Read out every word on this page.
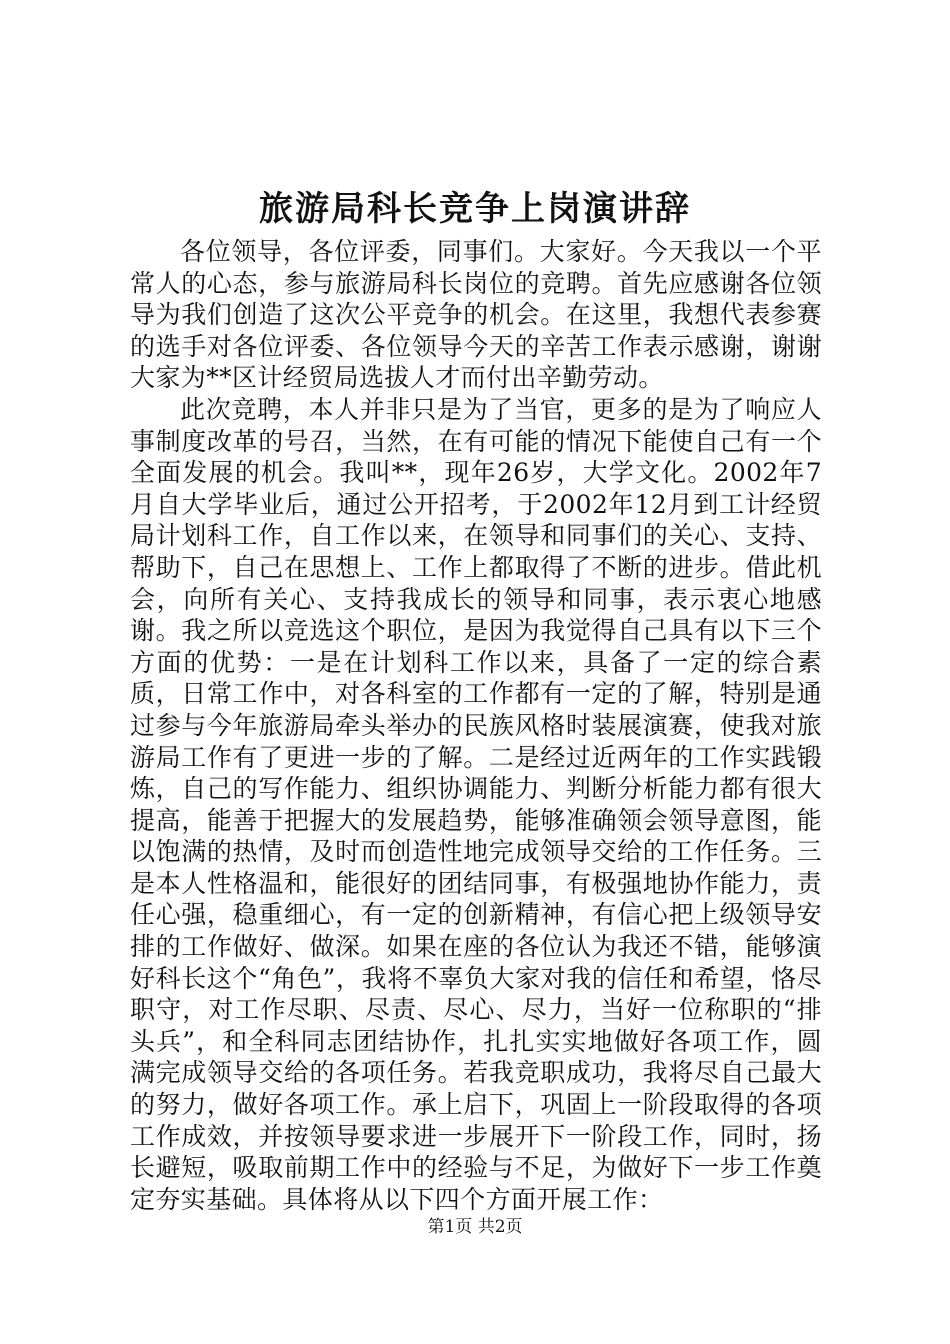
旅游局科长竞争上岗演讲辞

各位领导，各位评委，同事们。大家好。今天我以一个平常人的心态，参与旅游局科长岗位的竞聘。首先应感谢各位领导为我们创造了这次公平竞争的机会。在这里，我想代表参赛的选手对各位评委、各位领导今天的辛苦工作表示感谢，谢谢大家为**区计经贸局选拔人才而付出辛勤劳动。

此次竞聘，本人并非只是为了当官，更多的是为了响应人事制度改革的号召，当然，在有可能的情况下能使自己有一个全面发展的机会。我叫**，现年26岁，大学文化。2002年7月自大学毕业后，通过公开招考，于2002年12月到工计经贸局计划科工作，自工作以来，在领导和同事们的关心、支持、帮助下，自己在思想上、工作上都取得了不断的进步。借此机会，向所有关心、支持我成长的领导和同事，表示衷心地感谢。我之所以竞选这个职位，是因为我觉得自己具有以下三个方面的优势：一是在计划科工作以来，具备了一定的综合素质，日常工作中，对各科室的工作都有一定的了解，特别是通过参与今年旅游局牵头举办的民族风格时装展演赛，使我对旅游局工作有了更进一步的了解。二是经过近两年的工作实践锻炼，自己的写作能力、组织协调能力、判断分析能力都有很大提高，能善于把握大的发展趋势，能够准确领会领导意图，能以饱满的热情，及时而创造性地完成领导交给的工作任务。三是本人性格温和，能很好的团结同事，有极强地协作能力，责任心强，稳重细心，有一定的创新精神，有信心把上级领导安排的工作做好、做深。如果在座的各位认为我还不错，能够演好科长这个“角色”，我将不辜负大家对我的信任和希望，恪尽职守，对工作尽职、尽责、尽心、尽力，当好一位称职的“排头兵”，和全科同志团结协作，扎扎实实地做好各项工作，圆满完成领导交给的各项任务。若我竞职成功，我将尽自己最大的努力，做好各项工作。承上启下，巩固上一阶段取得的各项工作成效，并按领导要求进一步展开下一阶段工作，同时，扬长避短，吸取前期工作中的经验与不足，为做好下一步工作奠定夯实基础。具体将从以下四个方面开展工作：

第1页 共2页
